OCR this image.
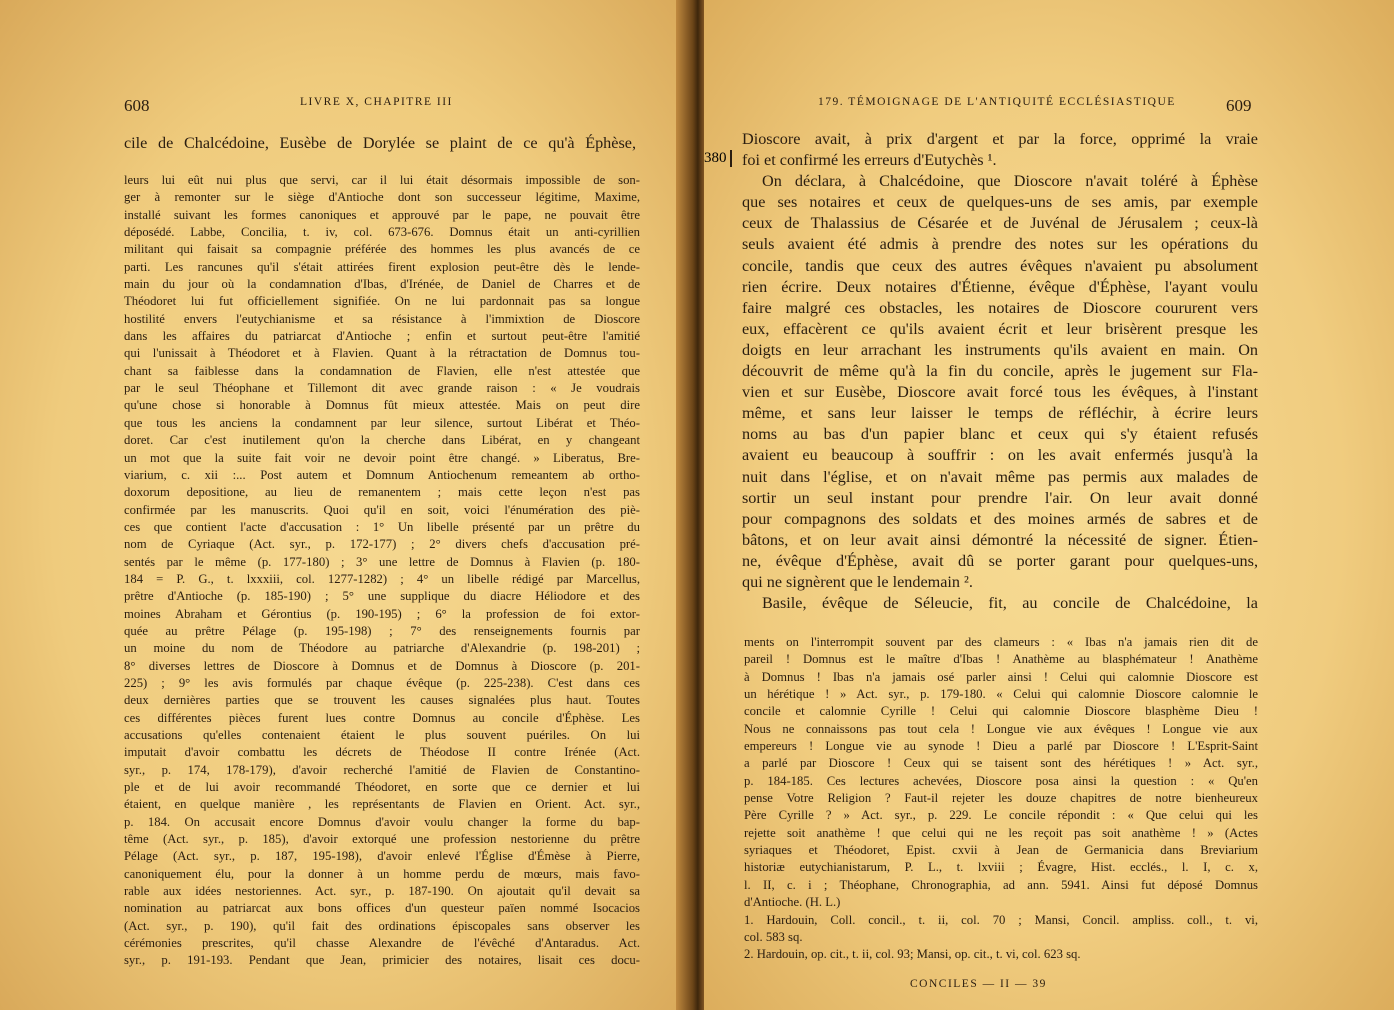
608	LIVRE X, CHAPITRE III
cile de Chalcédoine, Eusèbe de Dorylée se plaint de ce qu'à Éphèse,
leurs lui eût nui plus que servi, car il lui était désormais impossible de son-
ger à remonter sur le siège d'Antioche dont son successeur légitime, Maxime,
installé suivant les formes canoniques et approuvé par le pape, ne pouvait être
déposédé. Labbe, Concilia, t. iv, col. 673-676. Domnus était un anti-cyrillien
militant qui faisait sa compagnie préférée des hommes les plus avancés de ce
parti. Les rancunes qu'il s'était attirées firent explosion peut-être dès le lende-
main du jour où la condamnation d'Ibas, d'Irénée, de Daniel de Charres et de
Théodoret lui fut officiellement signifiée. On ne lui pardonnait pas sa longue
hostilité envers l'eutychianisme et sa résistance à l'immixtion de Dioscore
dans les affaires du patriarcat d'Antioche ; enfin et surtout peut-être l'amitié
qui l'unissait à Théodoret et à Flavien. Quant à la rétractation de Domnus tou-
chant sa faiblesse dans la condamnation de Flavien, elle n'est attestée que
par le seul Théophane et Tillemont dit avec grande raison : « Je voudrais
qu'une chose si honorable à Domnus fût mieux attestée. Mais on peut dire
que tous les anciens la condamnent par leur silence, surtout Libérat et Théo-
doret. Car c'est inutilement qu'on la cherche dans Libérat, en y changeant
un mot que la suite fait voir ne devoir point être changé. » Liberatus, Bre-
viarium, c. xii :... Post autem et Domnum Antiochenum remeantem ab ortho-
doxorum depositione, au lieu de remanentem ; mais cette leçon n'est pas
confirmée par les manuscrits. Quoi qu'il en soit, voici l'énumération des piè-
ces que contient l'acte d'accusation : 1° Un libelle présenté par un prêtre du
nom de Cyriaque (Act. syr., p. 172-177) ; 2° divers chefs d'accusation pré-
sentés par le même (p. 177-180) ; 3° une lettre de Domnus à Flavien (p. 180-
184 = P. G., t. lxxxiii, col. 1277-1282) ; 4° un libelle rédigé par Marcellus,
prêtre d'Antioche (p. 185-190) ; 5° une supplique du diacre Héliodore et des
moines Abraham et Gérontius (p. 190-195) ; 6° la profession de foi extor-
quée au prêtre Pélage (p. 195-198) ; 7° des renseignements fournis par
un moine du nom de Théodore au patriarche d'Alexandrie (p. 198-201) ;
8° diverses lettres de Dioscore à Domnus et de Domnus à Dioscore (p. 201-
225) ; 9° les avis formulés par chaque évêque (p. 225-238). C'est dans ces
deux dernières parties que se trouvent les causes signalées plus haut. Toutes
ces différentes pièces furent lues contre Domnus au concile d'Éphèse. Les
accusations qu'elles contenaient étaient le plus souvent puériles. On lui
imputait d'avoir combattu les décrets de Théodose II contre Irénée (Act.
syr., p. 174, 178-179), d'avoir recherché l'amitié de Flavien de Constantino-
ple et de lui avoir recommandé Théodoret, en sorte que ce dernier et lui
étaient, en quelque manière , les représentants de Flavien en Orient. Act. syr.,
p. 184. On accusait encore Domnus d'avoir voulu changer la forme du bap-
tême (Act. syr., p. 185), d'avoir extorqué une profession nestorienne du prêtre
Pélage (Act. syr., p. 187, 195-198), d'avoir enlevé l'Église d'Émèse à Pierre,
canoniquement élu, pour la donner à un homme perdu de mœurs, mais favo-
rable aux idées nestoriennes. Act. syr., p. 187-190. On ajoutait qu'il devait sa
nomination au patriarcat aux bons offices d'un questeur païen nommé Isocacios
(Act. syr., p. 190), qu'il fait des ordinations épiscopales sans observer les
cérémonies prescrites, qu'il chasse Alexandre de l'évêché d'Antaradus. Act.
syr., p. 191-193. Pendant que Jean, primicier des notaires, lisait ces docu-
179. TÉMOIGNAGE DE L'ANTIQUITÉ ECCLÉSIASTIQUE	609
Dioscore avait, à prix d'argent et par la force, opprimé la vraie
foi et confirmé les erreurs d'Eutychès ¹.
On déclara, à Chalcédoine, que Dioscore n'avait toléré à Éphèse
que ses notaires et ceux de quelques-uns de ses amis, par exemple
ceux de Thalassius de Césarée et de Juvénal de Jérusalem ; ceux-là
seuls avaient été admis à prendre des notes sur les opérations du
concile, tandis que ceux des autres évêques n'avaient pu absolument
rien écrire. Deux notaires d'Étienne, évêque d'Éphèse, l'ayant voulu
faire malgré ces obstacles, les notaires de Dioscore coururent vers
eux, effacèrent ce qu'ils avaient écrit et leur brisèrent presque les
doigts en leur arrachant les instruments qu'ils avaient en main. On
découvrit de même qu'à la fin du concile, après le jugement sur Fla-
vien et sur Eusèbe, Dioscore avait forcé tous les évêques, à l'instant
même, et sans leur laisser le temps de réfléchir, à écrire leurs
noms au bas d'un papier blanc et ceux qui s'y étaient refusés
avaient eu beaucoup à souffrir : on les avait enfermés jusqu'à la
nuit dans l'église, et on n'avait même pas permis aux malades de
sortir un seul instant pour prendre l'air. On leur avait donné
pour compagnons des soldats et des moines armés de sabres et de
bâtons, et on leur avait ainsi démontré la nécessité de signer. Étien-
ne, évêque d'Éphèse, avait dû se porter garant pour quelques-uns,
qui ne signèrent que le lendemain ².
Basile, évêque de Séleucie, fit, au concile de Chalcédoine, la
ments on l'interrompit souvent par des clameurs : « Ibas n'a jamais rien dit de
pareil ! Domnus est le maître d'Ibas ! Anathème au blasphémateur ! Anathème
à Domnus ! Ibas n'a jamais osé parler ainsi ! Celui qui calomnie Dioscore est
un hérétique ! » Act. syr., p. 179-180. « Celui qui calomnie Dioscore calomnie le
concile et calomnie Cyrille ! Celui qui calomnie Dioscore blasphème Dieu !
Nous ne connaissons pas tout cela ! Longue vie aux évêques ! Longue vie aux
empereurs ! Longue vie au synode ! Dieu a parlé par Dioscore ! L'Esprit-Saint
a parlé par Dioscore ! Ceux qui se taisent sont des hérétiques ! » Act. syr.,
p. 184-185. Ces lectures achevées, Dioscore posa ainsi la question : « Qu'en
pense Votre Religion ? Faut-il rejeter les douze chapitres de notre bienheureux
Père Cyrille ? » Act. syr., p. 229. Le concile répondit : « Que celui qui les
rejette soit anathème ! que celui qui ne les reçoit pas soit anathème ! » (Actes
syriaques et Théodoret, Epist. cxvii à Jean de Germanicia dans Breviarium
historiæ eutychianistarum, P. L., t. lxviii ; Évagre, Hist. ecclés., l. I, c. x,
l. II, c. i ; Théophane, Chronographia, ad ann. 5941. Ainsi fut déposé Domnus
d'Antioche. (H. L.)
1. Hardouin, Coll. concil., t. ii, col. 70 ; Mansi, Concil. ampliss. coll., t. vi,
col. 583 sq.
2. Hardouin, op. cit., t. ii, col. 93; Mansi, op. cit., t. vi, col. 623 sq.
CONCILES — II — 39
380
